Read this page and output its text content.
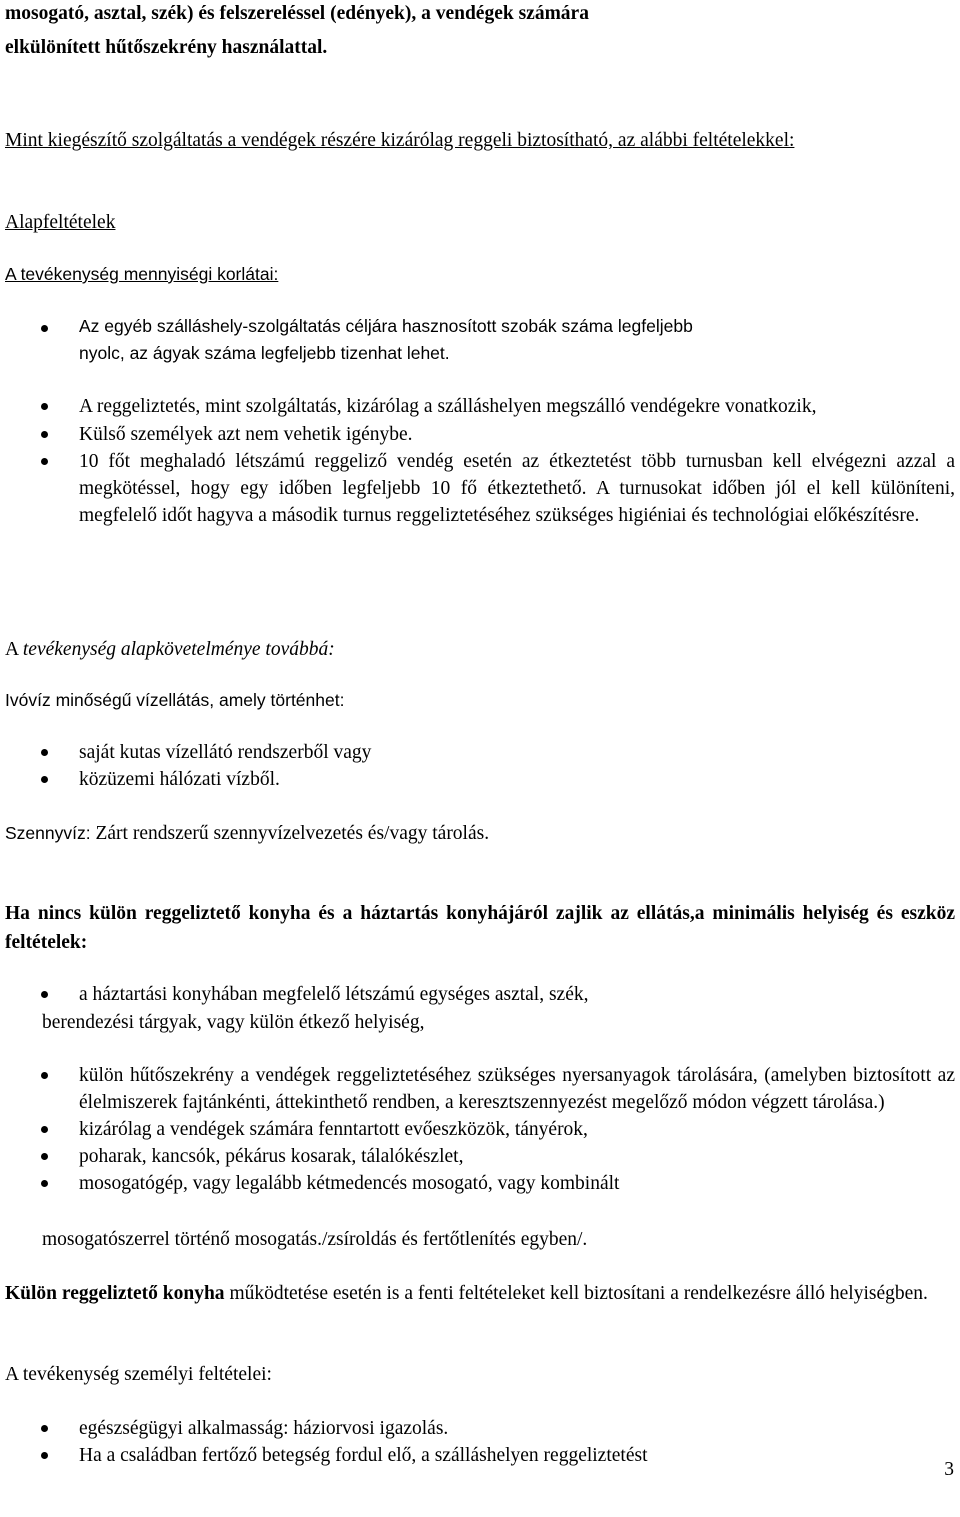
mosogató, asztal, szék) és felszereléssel (edények), a vendégek számára

elkülönített hűtőszekrény használattal.

Mint kiegészítő szolgáltatás a vendégek részére kizárólag reggeli biztosítható, az alábbi feltételekkel:

Alapfeltételek

A tevékenység mennyiségi korlátai:

Az egyéb szálláshely-szolgáltatás céljára hasznosított szobák száma legfeljebb

nyolc, az ágyak száma legfeljebb tizenhat lehet.

A reggeliztetés, mint szolgáltatás, kizárólag a szálláshelyen megszálló vendégekre vonatkozik,
Külső személyek azt nem vehetik igénybe.
10 főt meghaladó létszámú reggeliző vendég esetén az étkeztetést több turnusban kell elvégezni azzal a megkötéssel, hogy egy időben legfeljebb 10 fő étkeztethető. A turnusokat időben jól el kell különíteni, megfelelő időt hagyva a második turnus reggeliztetéséhez szükséges higiéniai és technológiai előkészítésre.

A tevékenység alapkövetelménye továbbá:

Ivóvíz minőségű vízellátás, amely történhet:

saját kutas vízellátó rendszerből vagy
közüzemi hálózati vízből.

Szennyvíz: Zárt rendszerű szennyvízelvezetés és/vagy tárolás.

Ha nincs külön reggeliztető konyha és a háztartás konyhájáról zajlik az ellátás,a minimális helyiség és eszköz feltételek:

a háztartási konyhában megfelelő létszámú egységes asztal, szék,

berendezési tárgyak, vagy külön étkező helyiség,

külön hűtőszekrény a vendégek reggeliztetéséhez szükséges nyersanyagok tárolására, (amelyben biztosított az élelmiszerek fajtánkénti, áttekinthető rendben, a keresztszennyezést megelőző módon végzett tárolása.)
kizárólag a vendégek számára fenntartott evőeszközök, tányérok,
poharak, kancsók, pékárus kosarak, tálalókészlet,
mosogatógép, vagy legalább kétmedencés mosogató, vagy kombinált

mosogatószerrel történő mosogatás./zsíroldás és fertőtlenítés egyben/.

Külön reggeliztető konyha működtetése esetén is a fenti feltételeket kell biztosítani a rendelkezésre álló helyiségben.

A tevékenység személyi feltételei:

egészségügyi alkalmasság: háziorvosi igazolás.
Ha a családban fertőző betegség fordul elő, a szálláshelyen reggeliztetést
3
